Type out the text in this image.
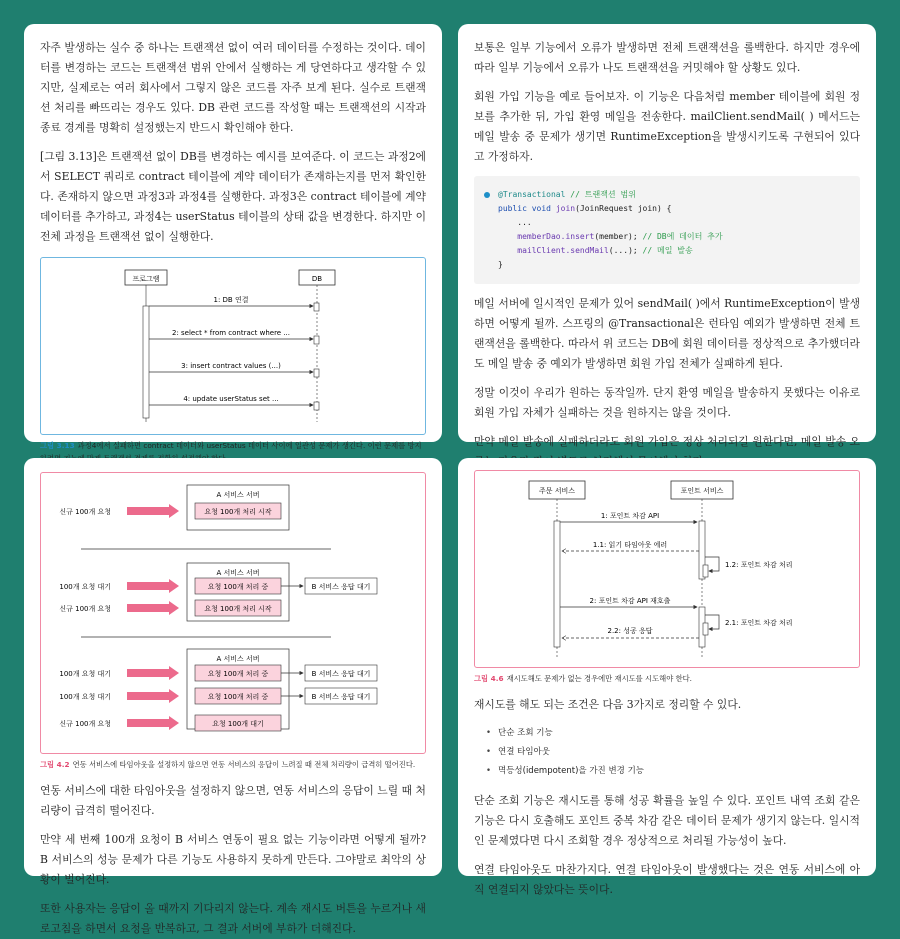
자주 발생하는 실수 중 하나는 트랜잭션 없이 여러 데이터를 수정하는 것이다. 데이터를 변경하는 코드는 트랜잭션 범위 안에서 실행하는 게 당연하다고 생각할 수 있지만, 실제로는 여러 회사에서 그렇지 않은 코드를 자주 보게 된다. 실수로 트랜잭션 처리를 빠뜨리는 경우도 있다. DB 관련 코드를 작성할 때는 트랜잭션의 시작과 종료 경계를 명확히 설정했는지 반드시 확인해야 한다.

[그림 3.13]은 트랜잭션 없이 DB를 변경하는 예시를 보여준다. 이 코드는 과정2에서 SELECT 쿼리로 contract 테이블에 계약 데이터가 존재하는지를 먼저 확인한다. 존재하지 않으면 과정3과 과정4를 실행한다. 과정3은 contract 테이블에 계약 데이터를 추가하고, 과정4는 userStatus 테이블의 상태 값을 변경한다. 하지만 이 전체 과정을 트랜잭션 없이 실행한다.

프로그램	DB
1: DB 연결
2: select * from contract where ...
3: insert contract values (...)
4: update userStatus set ...
그림 3.13 과정4에서 실패하면 contract 데이터와 userStatus 데이터 사이에 일관성 문제가 생긴다. 이런 문제를 방지

보통은 일부 기능에서 오류가 발생하면 전체 트랜잭션을 롤백한다. 하지만 경우에 따라 일부 기능에서 오류가 나도 트랜잭션을 커밋해야 할 상황도 있다.

회원 가입 기능을 예로 들어보자. 이 기능은 다음처럼 member 테이블에 회원 정보를 추가한 뒤, 가입 환영 메일을 전송한다. mailClient.sendMail( ) 메서드는 메일 발송 중 문제가 생기면 RuntimeException을 발생시키도록 구현되어 있다고 가정하자.

@Transactional // 트랜잭션 범위
public void join(JoinRequest join) {
...
memberDao.insert(member); // DB에 데이터 추가
mailClient.sendMail(...); // 메일 발송
}

메일 서버에 일시적인 문제가 있어 sendMail( )에서 RuntimeException이 발생하면 어떻게 될까. 스프링의 @Transactional은 런타임 예외가 발생하면 전체 트랜잭션을 롤백한다. 따라서 위 코드는 DB에 회원 데이터를 정상적으로 추가했더라도 메일 발송 중 예외가 발생하면 회원 가입 전체가 실패하게 된다.

정말 이것이 우리가 원하는 동작일까. 단지 환영 메일을 발송하지 못했다는 이유로 회원 가입 자체가 실패하는 것을 원하지는 않을 것이다.

만약 메일 발송에 실패하더라도 회원 가입은 정상 처리되길 원한다면, 메일 발송 오

신규 100개 요청
A 서비스 서버
요청 100개 처리 시작
A 서비스 서버
100개 요청 대기	요청 100개 처리 중	B 서비스 응답 대기
신규 100개 요청	요청 100개 처리 시작
A 서비스 서버
100개 요청 대기	요청 100개 처리 중	B 서비스 응답 대기
100개 요청 대기	요청 100개 처리 중	B 서비스 응답 대기
신규 100개 요청	요청 100개 대기
그림 4.2 연동 서비스에 타임아웃을 설정하지 않으면 연동 서비스의 응답이 느려질 때 전체 처리량이 급격히 떨어진다.

연동 서비스에 대한 타임아웃을 설정하지 않으면, 연동 서비스의 응답이 느릴 때 처리량이 급격히 떨어진다.

만약 세 번째 100개 요청이 B 서비스 연동이 필요 없는 기능이라면 어떻게 될까? B 서비스의 성능 문제가 다른 기능도 사용하지 못하게 만든다. 그야말로 최악의 상황이 벌어진다.

또한 사용자는 응답이 올 때까지 기다리지 않는다. 계속 재시도 버튼을 누르거나 새로고침을 하면서 요청을 반복하고, 그 결과 서버에 부하가 더해진다.

주문 서비스	포인트 서비스
1: 포인트 차감 API
1.1: 읽기 타임아웃 에러
1.2: 포인트 차감 처리
2: 포인트 차감 API 재호출
2.1: 포인트 차감 처리
2.2: 성공 응답
그림 4.6 재시도해도 문제가 없는 경우에만 재시도를 시도해야 한다.

재시도를 해도 되는 조건은 다음 3가지로 정리할 수 있다.

• 단순 조회 기능
• 연결 타임아웃
• 멱등성(idempotent)을 가진 변경 기능

단순 조회 기능은 재시도를 통해 성공 확률을 높일 수 있다. 포인트 내역 조회 같은 기능은 다시 호출해도 포인트 중복 차감 같은 데이터 문제가 생기지 않는다. 일시적인 문제였다면 다시 조회할 경우 정상적으로 처리될 가능성이 높다.

연결 타임아웃도 마찬가지다. 연결 타임아웃이 발생했다는 것은 연동 서비스에 아직 연결되지 않았다는 뜻이다.
